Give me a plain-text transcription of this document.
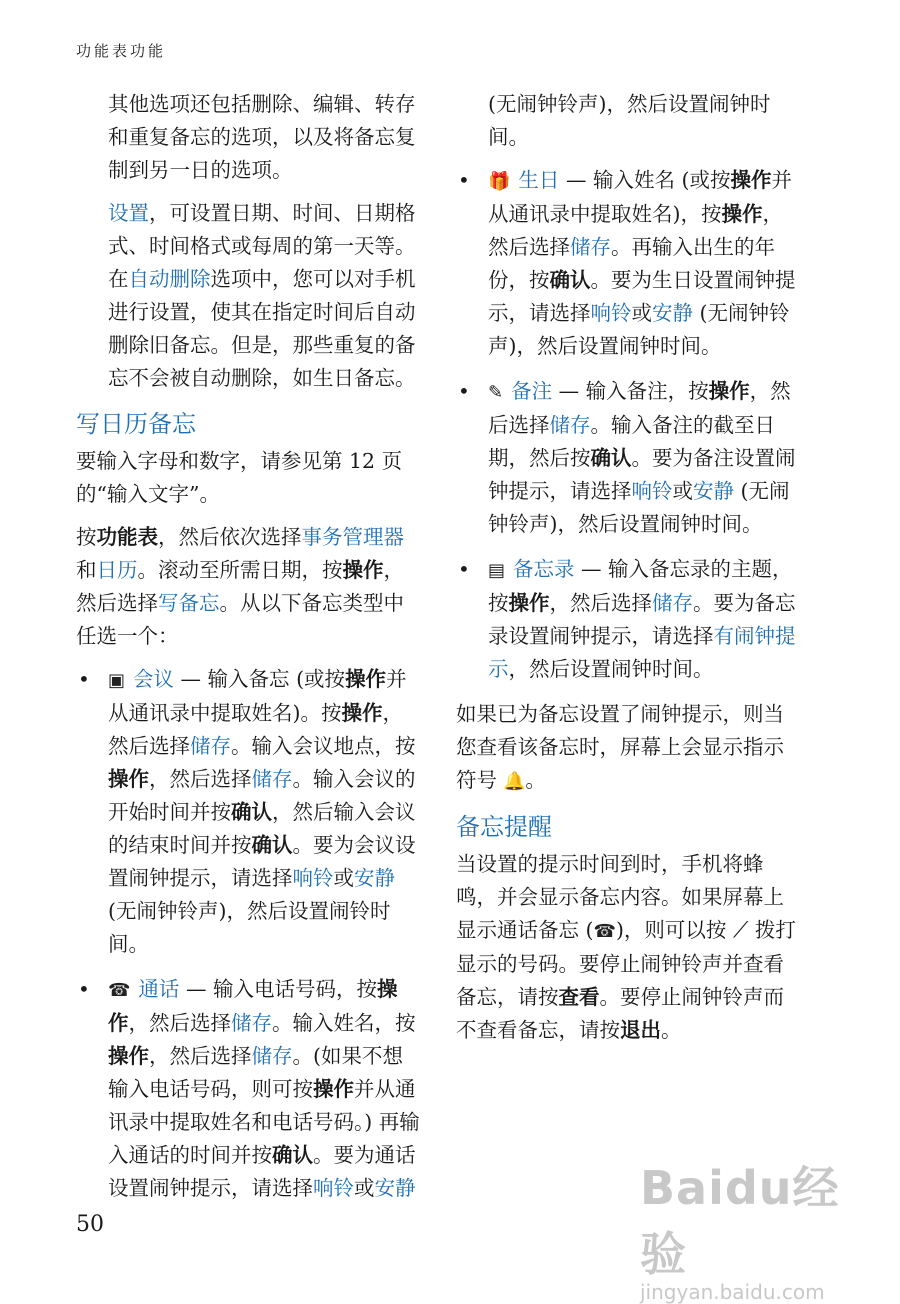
功能表功能

其他选项还包括删除、编辑、转存和重复备忘的选项，以及将备忘复制到另一日的选项。

设置，可设置日期、时间、日期格式、时间格式或每周的第一天等。在自动删除选项中，您可以对手机进行设置，使其在指定时间后自动删除旧备忘。但是，那些重复的备忘不会被自动删除，如生日备忘。

写日历备忘

要输入字母和数字，请参见第 12 页的“输入文字”。

按功能表，然后依次选择事务管理器和日历。滚动至所需日期，按操作，然后选择写备忘。从以下备忘类型中任选一个：

• ▣ 会议 — 输入备忘 (或按操作并从通讯录中提取姓名)。按操作，然后选择储存。输入会议地点，按操作，然后选择储存。输入会议的开始时间并按确认，然后输入会议的结束时间并按确认。要为会议设置闹钟提示，请选择响铃或安静 (无闹钟铃声)，然后设置闹铃时间。
• ☎ 通话 — 输入电话号码，按操作，然后选择储存。输入姓名，按操作，然后选择储存。(如果不想输入电话号码，则可按操作并从通讯录中提取姓名和电话号码。) 再输入通话的时间并按确认。要为通话设置闹钟提示，请选择响铃或安静

(无闹钟铃声)，然后设置闹钟时间。

• 🎁 生日 — 输入姓名 (或按操作并从通讯录中提取姓名)，按操作，然后选择储存。再输入出生的年份，按确认。要为生日设置闹钟提示，请选择响铃或安静 (无闹钟铃声)，然后设置闹钟时间。
• ✎ 备注 — 输入备注，按操作，然后选择储存。输入备注的截至日期，然后按确认。要为备注设置闹钟提示，请选择响铃或安静 (无闹钟铃声)，然后设置闹钟时间。
• ▤ 备忘录 — 输入备忘录的主题，按操作，然后选择储存。要为备忘录设置闹钟提示，请选择有闹钟提示，然后设置闹钟时间。

如果已为备忘设置了闹钟提示，则当您查看该备忘时，屏幕上会显示指示符号 🔔。

备忘提醒

当设置的提示时间到时，手机将蜂鸣，并会显示备忘内容。如果屏幕上显示通话备忘 (☎)，则可以按 ⟋ 拨打显示的号码。要停止闹钟铃声并查看备忘，请按查看。要停止闹钟铃声而不查看备忘，请按退出。

50
Baidu经验
jingyan.baidu.com
